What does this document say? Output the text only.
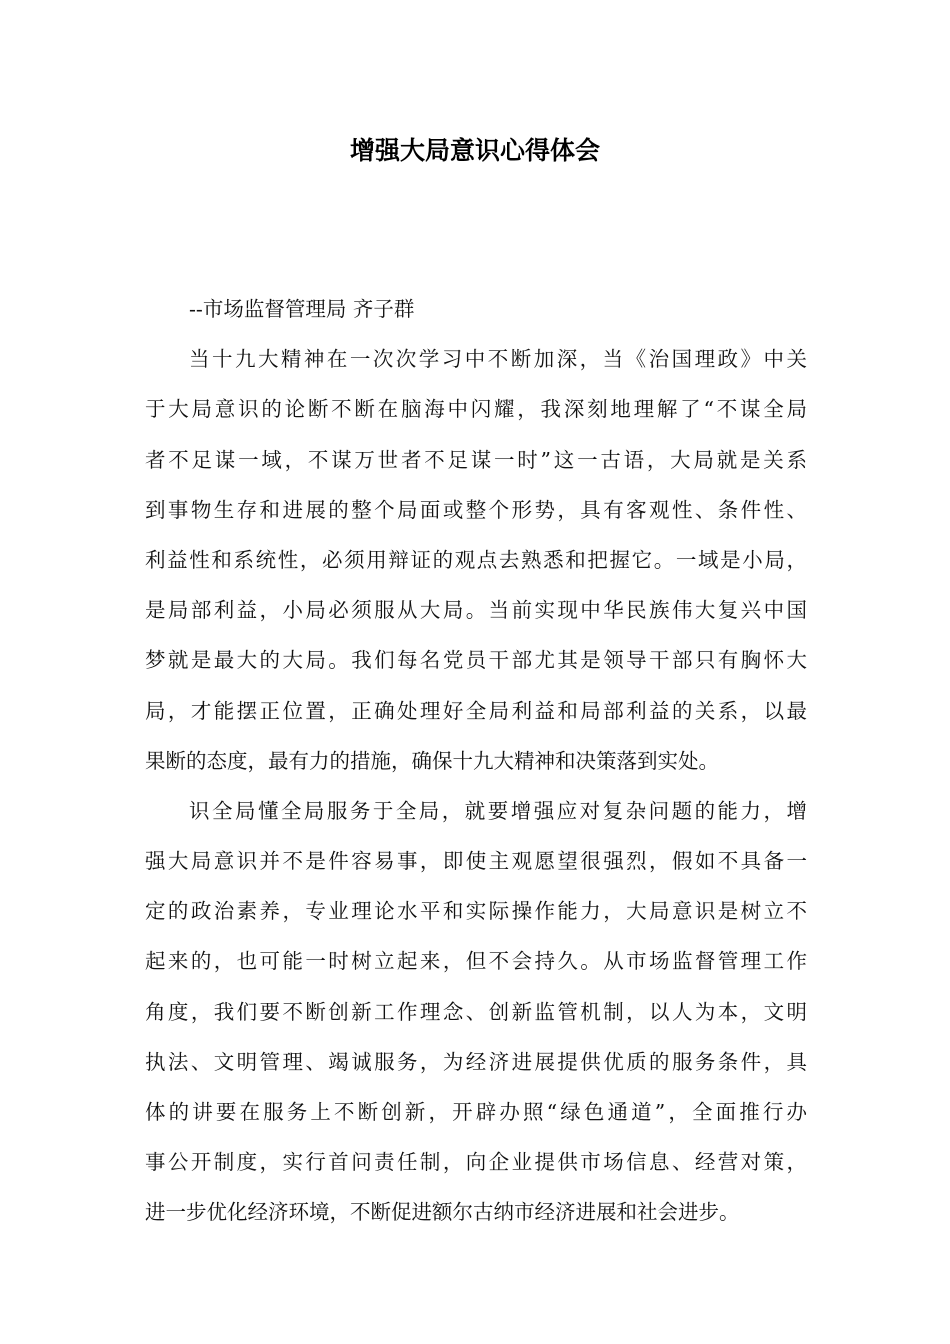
增强大局意识心得体会
--市场监督管理局 齐子群
当十九大精神在一次次学习中不断加深，当《治国理政》中关
于大局意识的论断不断在脑海中闪耀，我深刻地理解了“不谋全局
者不足谋一域，不谋万世者不足谋一时”这一古语，大局就是关系
到事物生存和进展的整个局面或整个形势，具有客观性、条件性、
利益性和系统性，必须用辩证的观点去熟悉和把握它。一域是小局，
是局部利益，小局必须服从大局。当前实现中华民族伟大复兴中国
梦就是最大的大局。我们每名党员干部尤其是领导干部只有胸怀大
局，才能摆正位置，正确处理好全局利益和局部利益的关系，以最
果断的态度，最有力的措施，确保十九大精神和决策落到实处。
识全局懂全局服务于全局，就要增强应对复杂问题的能力，增
强大局意识并不是件容易事，即使主观愿望很强烈，假如不具备一
定的政治素养，专业理论水平和实际操作能力，大局意识是树立不
起来的，也可能一时树立起来，但不会持久。从市场监督管理工作
角度，我们要不断创新工作理念、创新监管机制，以人为本，文明
执法、文明管理、竭诚服务，为经济进展提供优质的服务条件，具
体的讲要在服务上不断创新，开辟办照“绿色通道”，全面推行办
事公开制度，实行首问责任制，向企业提供市场信息、经营对策，
进一步优化经济环境，不断促进额尔古纳市经济进展和社会进步。
